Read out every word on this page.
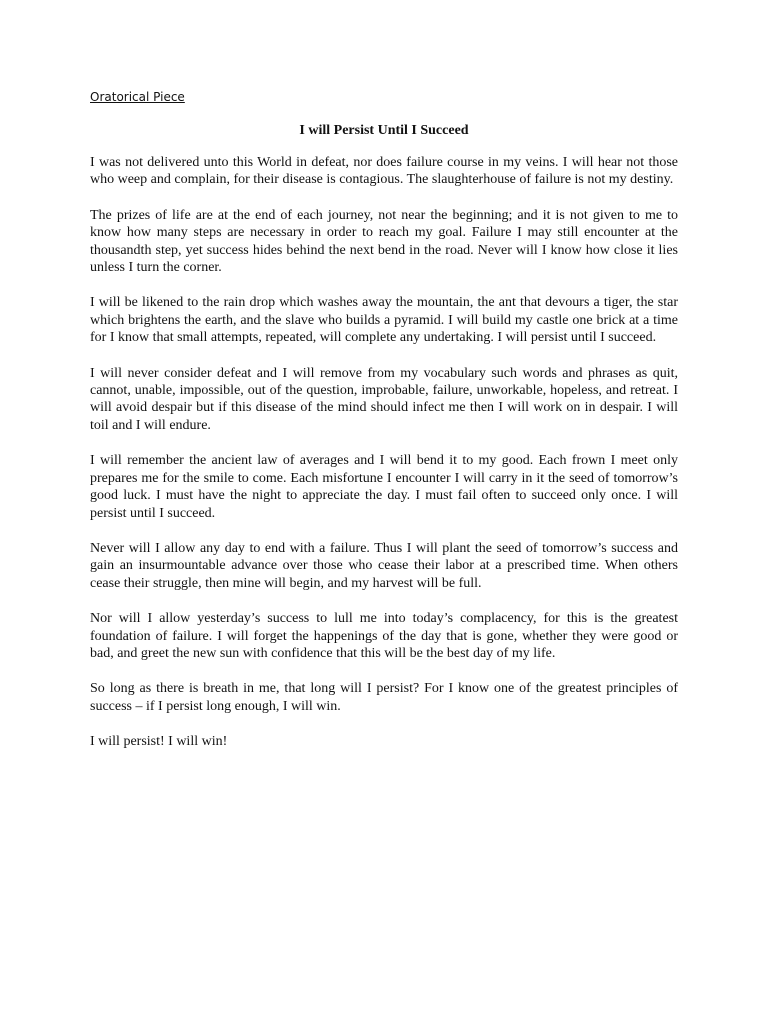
Oratorical Piece
I will Persist Until I Succeed

I was not delivered unto this World in defeat, nor does failure course in my veins. I will hear not those who weep and complain, for their disease is contagious. The slaughterhouse of failure is not my destiny.

The prizes of life are at the end of each journey, not near the beginning; and it is not given to me to know how many steps are necessary in order to reach my goal. Failure I may still encounter at the thousandth step, yet success hides behind the next bend in the road. Never will I know how close it lies unless I turn the corner.

I will be likened to the rain drop which washes away the mountain, the ant that devours a tiger, the star which brightens the earth, and the slave who builds a pyramid. I will build my castle one brick at a time for I know that small attempts, repeated, will complete any undertaking. I will persist until I succeed.

I will never consider defeat and I will remove from my vocabulary such words and phrases as quit, cannot, unable, impossible, out of the question, improbable, failure, unworkable, hopeless, and retreat. I will avoid despair but if this disease of the mind should infect me then I will work on in despair. I will toil and I will endure.

I will remember the ancient law of averages and I will bend it to my good. Each frown I meet only prepares me for the smile to come. Each misfortune I encounter I will carry in it the seed of tomorrow’s good luck. I must have the night to appreciate the day. I must fail often to succeed only once. I will persist until I succeed.

Never will I allow any day to end with a failure. Thus I will plant the seed of tomorrow’s success and gain an insurmountable advance over those who cease their labor at a prescribed time. When others cease their struggle, then mine will begin, and my harvest will be full.

Nor will I allow yesterday’s success to lull me into today’s complacency, for this is the greatest foundation of failure. I will forget the happenings of the day that is gone, whether they were good or bad, and greet the new sun with confidence that this will be the best day of my life.

So long as there is breath in me, that long will I persist? For I know one of the greatest principles of success – if I persist long enough, I will win.

I will persist! I will win!
